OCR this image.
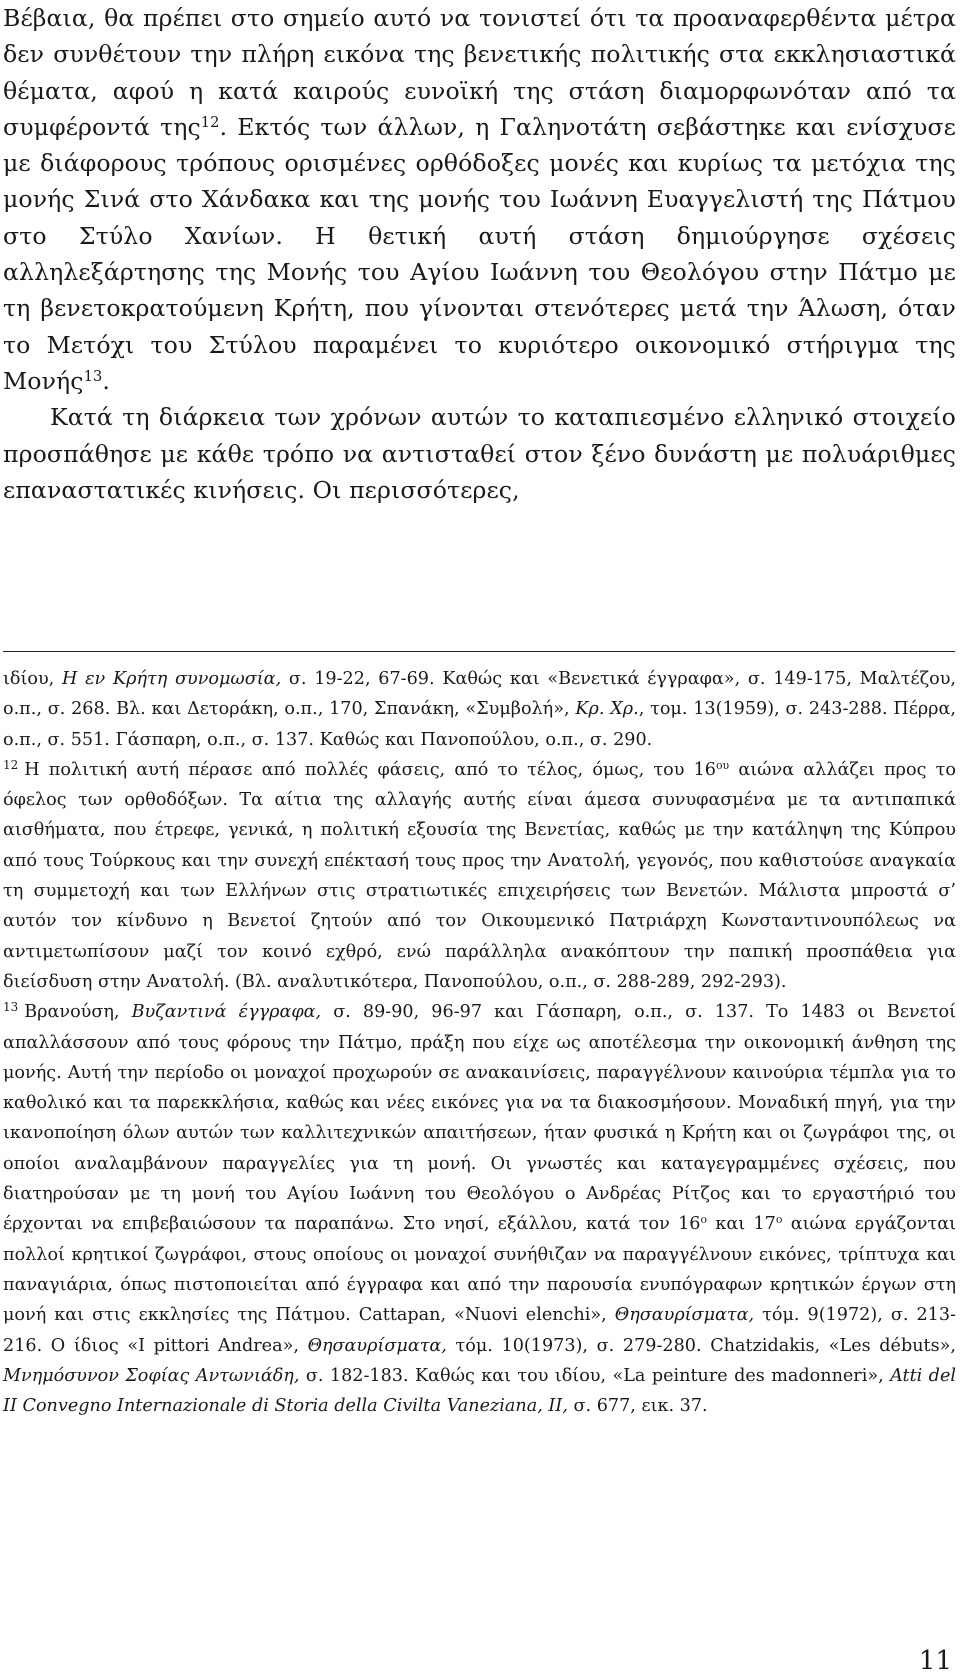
Βέβαια, θα πρέπει στο σημείο αυτό να τονιστεί ότι τα προαναφερθέντα μέτρα δεν συνθέτουν την πλήρη εικόνα της βενετικής πολιτικής στα εκκλησιαστικά θέματα, αφού η κατά καιρούς ευνοϊκή της στάση διαμορφωνόταν από τα συμφέροντά της$^{12}$. Εκτός των άλλων, η Γαληνοτάτη σεβάστηκε και ενίσχυσε με διάφορους τρόπους ορισμένες ορθόδοξες μονές και κυρίως τα μετόχια της μονής Σινά στο Χάνδακα και της μονής του Ιωάννη Ευαγγελιστή της Πάτμου στο Στύλο Χανίων. Η θετική αυτή στάση δημιούργησε σχέσεις αλληλεξάρτησης της Μονής του Αγίου Ιωάννη του Θεολόγου στην Πάτμο με τη βενετοκρατούμενη Κρήτη, που γίνονται στενότερες μετά την Άλωση, όταν το Μετόχι του Στύλου παραμένει το κυριότερο οικονομικό στήριγμα της Μονής$^{13}$.

Κατά τη διάρκεια των χρόνων αυτών το καταπιεσμένο ελληνικό στοιχείο προσπάθησε με κάθε τρόπο να αντισταθεί στον ξένο δυνάστη με πολυάριθμες επαναστατικές κινήσεις. Οι περισσότερες,

ιδίου, Η εν Κρήτη συνομωσία, σ. 19-22, 67-69. Καθώς και «Βενετικά έγγραφα», σ. 149-175, Μαλτέζου, ο.π., σ. 268. Βλ. και Δετοράκη, ο.π., 170, Σπανάκη, «Συμβολή», Κρ. Χρ., τομ. 13(1959), σ. 243-288. Πέρρα, ο.π., σ. 551. Γάσπαρη, ο.π., σ. 137. Καθώς και Πανοπούλου, ο.π., σ. 290.

$^{12}$ Η πολιτική αυτή πέρασε από πολλές φάσεις, από το τέλος, όμως, του $16^{o\upsilon}$ αιώνα αλλάζει προς το όφελος των ορθοδόξων. Τα αίτια της αλλαγής αυτής είναι άμεσα συνυφασμένα με τα αντιπαπικά αισθήματα, που έτρεφε, γενικά, η πολιτική εξουσία της Βενετίας, καθώς με την κατάληψη της Κύπρου από τους Τούρκους και την συνεχή επέκτασή τους προς την Ανατολή, γεγονός, που καθιστούσε αναγκαία τη συμμετοχή και των Ελλήνων στις στρατιωτικές επιχειρήσεις των Βενετών. Μάλιστα μπροστά σ’ αυτόν τον κίνδυνο η Βενετοί ζητούν από τον Οικουμενικό Πατριάρχη Κωνσταντινουπόλεως να αντιμετωπίσουν μαζί τον κοινό εχθρό, ενώ παράλληλα ανακόπτουν την παπική προσπάθεια για διείσδυση στην Ανατολή. (Βλ. αναλυτικότερα, Πανοπούλου, ο.π., σ. 288-289, 292-293).

$^{13}$ Βρανούση, Βυζαντινά έγγραφα, σ. 89-90, 96-97 και Γάσπαρη, ο.π., σ. 137. Το 1483 οι Βενετοί απαλλάσσουν από τους φόρους την Πάτμο, πράξη που είχε ως αποτέλεσμα την οικονομική άνθηση της μονής. Αυτή την περίοδο οι μοναχοί προχωρούν σε ανακαινίσεις, παραγγέλνουν καινούρια τέμπλα για το καθολικό και τα παρεκκλήσια, καθώς και νέες εικόνες για να τα διακοσμήσουν. Μοναδική πηγή, για την ικανοποίηση όλων αυτών των καλλιτεχνικών απαιτήσεων, ήταν φυσικά η Κρήτη και οι ζωγράφοι της, οι οποίοι αναλαμβάνουν παραγγελίες για τη μονή. Οι γνωστές και καταγεγραμμένες σχέσεις, που διατηρούσαν με τη μονή του Αγίου Ιωάννη του Θεολόγου ο Ανδρέας Ρίτζος και το εργαστήριό του έρχονται να επιβεβαιώσουν τα παραπάνω. Στο νησί, εξάλλου, κατά τον $16^o$ και $17^o$ αιώνα εργάζονται πολλοί κρητικοί ζωγράφοι, στους οποίους οι μοναχοί συνήθιζαν να παραγγέλνουν εικόνες, τρίπτυχα και παναγιάρια, όπως πιστοποιείται από έγγραφα και από την παρουσία ενυπόγραφων κρητικών έργων στη μονή και στις εκκλησίες της Πάτμου. Cattapan, «Nuovi elenchi», Θησαυρίσματα, τόμ. 9(1972), σ. 213-216. Ο ίδιος «I pittori Andrea», Θησαυρίσματα, τόμ. 10(1973), σ. 279-280. Chatzidakis, «Les débuts», Μνημόσυνον Σοφίας Αντωνιάδη, σ. 182-183. Καθώς και του ιδίου, «La peinture des madonneri», Atti del II Convegno Internazionale di Storia della Civilta Vaneziana, II, σ. 677, εικ. 37.

11
